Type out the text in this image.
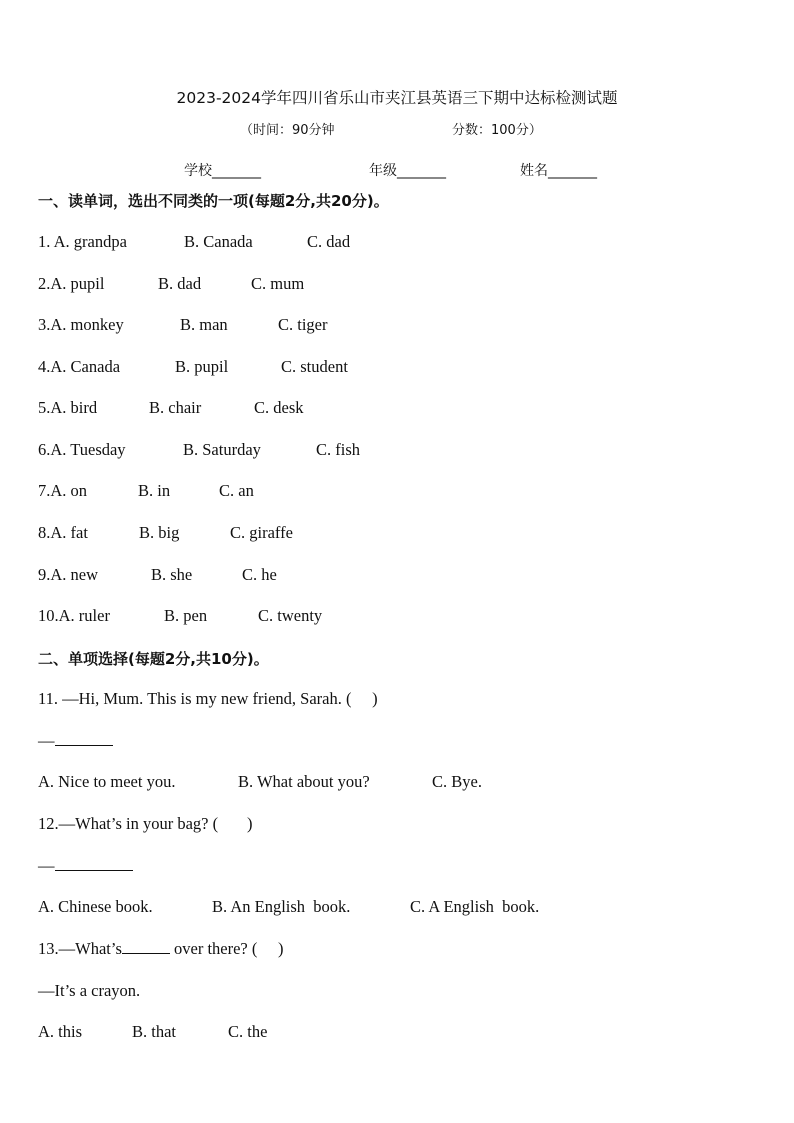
2023-2024学年四川省乐山市夹江县英语三下期中达标检测试题
（时间：90分钟	分数：100分）
学校_______	年级_______	姓名_______
一、读单词，选出不同类的一项(每题2分,共20分)。
1. A. grandpa	B. Canada	C. dad
2.A. pupil	B. dad	C. mum
3.A. monkey	B. man	C. tiger
4.A. Canada	B. pupil	C. student
5.A. bird	B. chair	C. desk
6.A. Tuesday	B. Saturday	C. fish
7.A. on	B. in	C. an
8.A. fat	B. big	C. giraffe
9.A. new	B. she	C. he
10.A. ruler	B. pen	C. twenty
二、单项选择(每题2分,共10分)。
11. —Hi, Mum. This is my new friend, Sarah. (     )
—
A. Nice to meet you.	B. What about you?	C. Bye.
12.—What’s in your bag? (       )
—
A. Chinese book.	B. An English  book.	C. A English  book.
13.—What’s	over there? (     )
—It’s a crayon.
A. this	B. that	C. the
